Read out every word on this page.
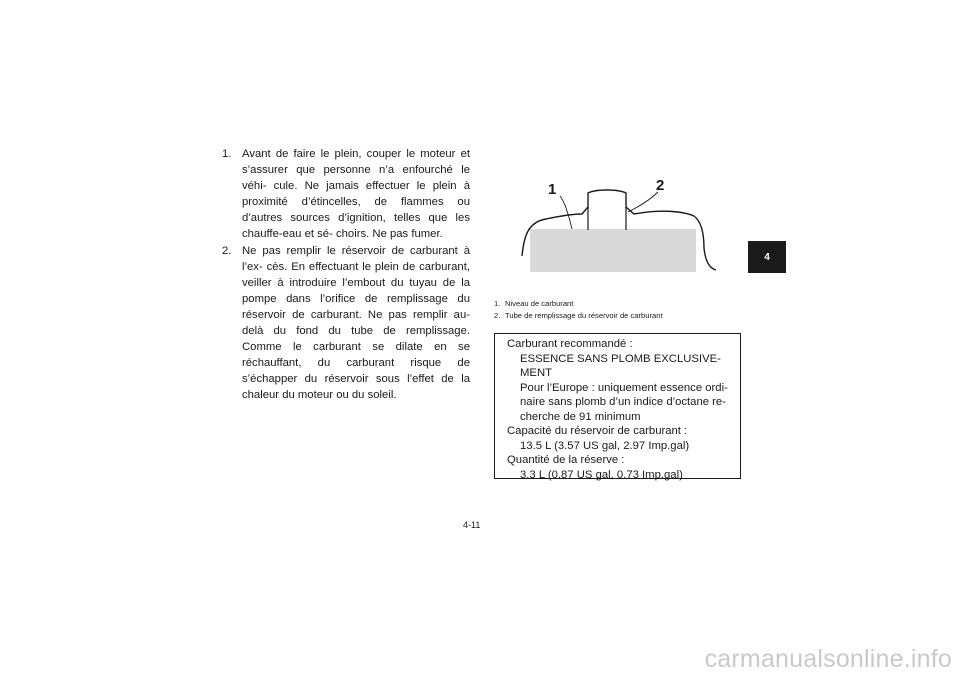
1. Avant de faire le plein, couper le moteur et s’assurer que personne n’a enfourché le véhi- cule. Ne jamais effectuer le plein à proximité d’étincelles, de flammes ou d’autres sources d’ignition, telles que les chauffe-eau et sé- choirs. Ne pas fumer.
2. Ne pas remplir le réservoir de carburant à l’ex- cès. En effectuant le plein de carburant, veiller à introduire l’embout du tuyau de la pompe dans l’orifice de remplissage du réservoir de carburant. Ne pas remplir au-delà du fond du tube de remplissage. Comme le carburant se dilate en se réchauffant, du carburant risque de s’échapper du réservoir sous l’effet de la chaleur du moteur ou du soleil.
1	2
1. Niveau de carburant
2. Tube de remplissage du réservoir de carburant
Carburant recommandé :
ESSENCE SANS PLOMB EXCLUSIVE-
MENT
Pour l’Europe : uniquement essence ordi-
naire sans plomb d’un indice d’octane re-
cherche de 91 minimum
Capacité du réservoir de carburant :
13.5 L (3.57 US gal, 2.97 Imp.gal)
Quantité de la réserve :
3.3 L (0.87 US gal, 0.73 Imp.gal)
4
4-11
carmanualsonline.info
